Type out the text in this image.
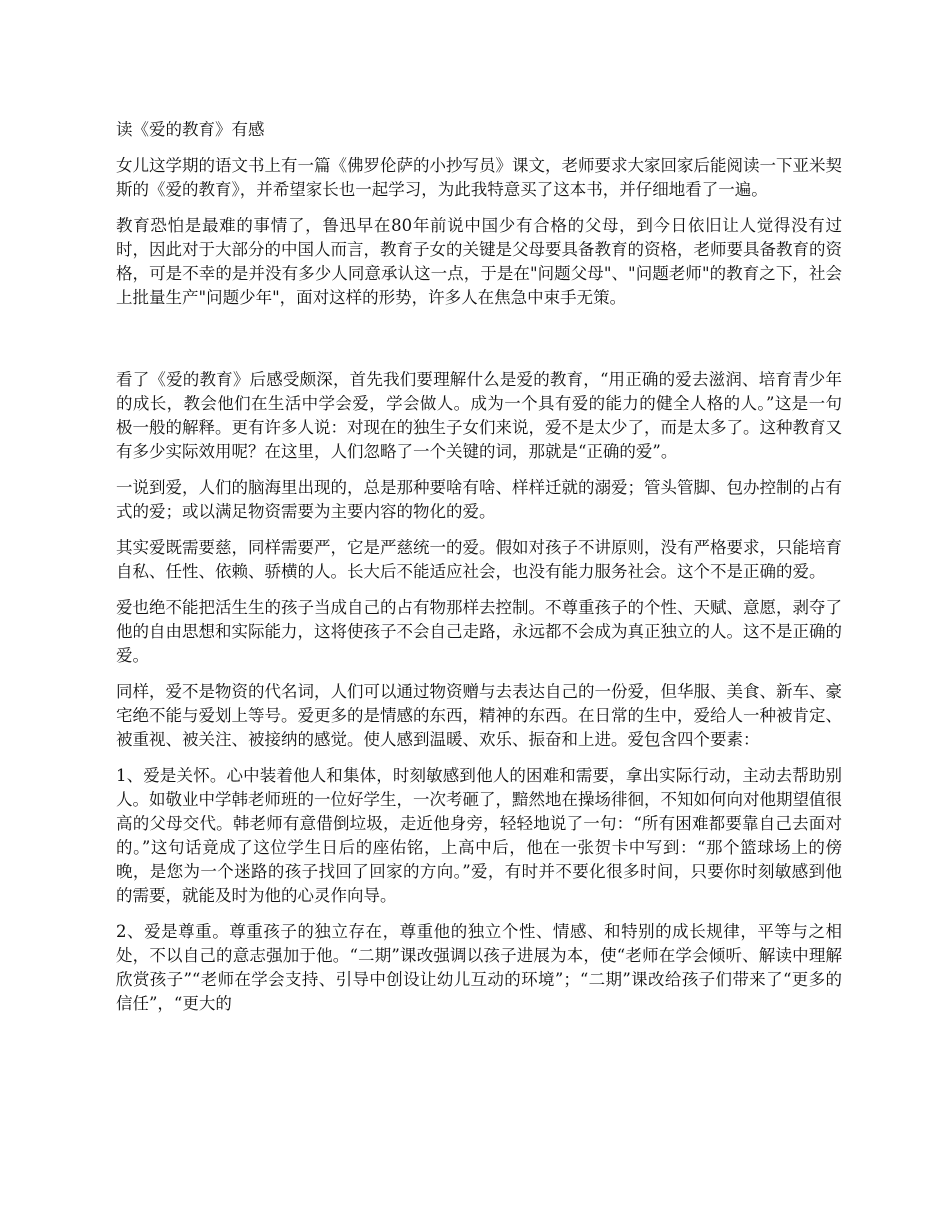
读《爱的教育》有感

女儿这学期的语文书上有一篇《佛罗伦萨的小抄写员》课文，老师要求大家回家后能阅读一下亚米契斯的《爱的教育》，并希望家长也一起学习，为此我特意买了这本书，并仔细地看了一遍。

教育恐怕是最难的事情了，鲁迅早在80年前说中国少有合格的父母，到今日依旧让人觉得没有过时，因此对于大部分的中国人而言，教育子女的关键是父母要具备教育的资格，老师要具备教育的资格，可是不幸的是并没有多少人同意承认这一点，于是在"问题父母"、"问题老师"的教育之下，社会上批量生产"问题少年"，面对这样的形势，许多人在焦急中束手无策。

看了《爱的教育》后感受颇深，首先我们要理解什么是爱的教育，“用正确的爱去滋润、培育青少年的成长，教会他们在生活中学会爱，学会做人。成为一个具有爱的能力的健全人格的人。”这是一句极一般的解释。更有许多人说：对现在的独生子女们来说，爱不是太少了，而是太多了。这种教育又有多少实际效用呢？在这里，人们忽略了一个关键的词，那就是“正确的爱”。

一说到爱，人们的脑海里出现的，总是那种要啥有啥、样样迁就的溺爱；管头管脚、包办控制的占有式的爱；或以满足物资需要为主要内容的物化的爱。

其实爱既需要慈，同样需要严，它是严慈统一的爱。假如对孩子不讲原则，没有严格要求，只能培育自私、任性、依赖、骄横的人。长大后不能适应社会，也没有能力服务社会。这个不是正确的爱。

爱也绝不能把活生生的孩子当成自己的占有物那样去控制。不尊重孩子的个性、天赋、意愿，剥夺了他的自由思想和实际能力，这将使孩子不会自己走路，永远都不会成为真正独立的人。这不是正确的爱。

同样，爱不是物资的代名词，人们可以通过物资赠与去表达自己的一份爱，但华服、美食、新车、豪宅绝不能与爱划上等号。爱更多的是情感的东西，精神的东西。在日常的生中，爱给人一种被肯定、被重视、被关注、被接纳的感觉。使人感到温暖、欢乐、振奋和上进。爱包含四个要素：

1、爱是关怀。心中装着他人和集体，时刻敏感到他人的困难和需要，拿出实际行动，主动去帮助别人。如敬业中学韩老师班的一位好学生，一次考砸了，黯然地在操场徘徊，不知如何向对他期望值很高的父母交代。韩老师有意借倒垃圾，走近他身旁，轻轻地说了一句：“所有困难都要靠自己去面对的。”这句话竟成了这位学生日后的座佑铭，上高中后，他在一张贺卡中写到：“那个篮球场上的傍晚，是您为一个迷路的孩子找回了回家的方向。”爱，有时并不要化很多时间，只要你时刻敏感到他的需要，就能及时为他的心灵作向导。

2、爱是尊重。尊重孩子的独立存在，尊重他的独立个性、情感、和特别的成长规律，平等与之相处，不以自己的意志强加于他。“二期”课改强调以孩子进展为本，使“老师在学会倾听、解读中理解欣赏孩子”“老师在学会支持、引导中创设让幼儿互动的环境”；“二期”课改给孩子们带来了“更多的信任”，“更大的
